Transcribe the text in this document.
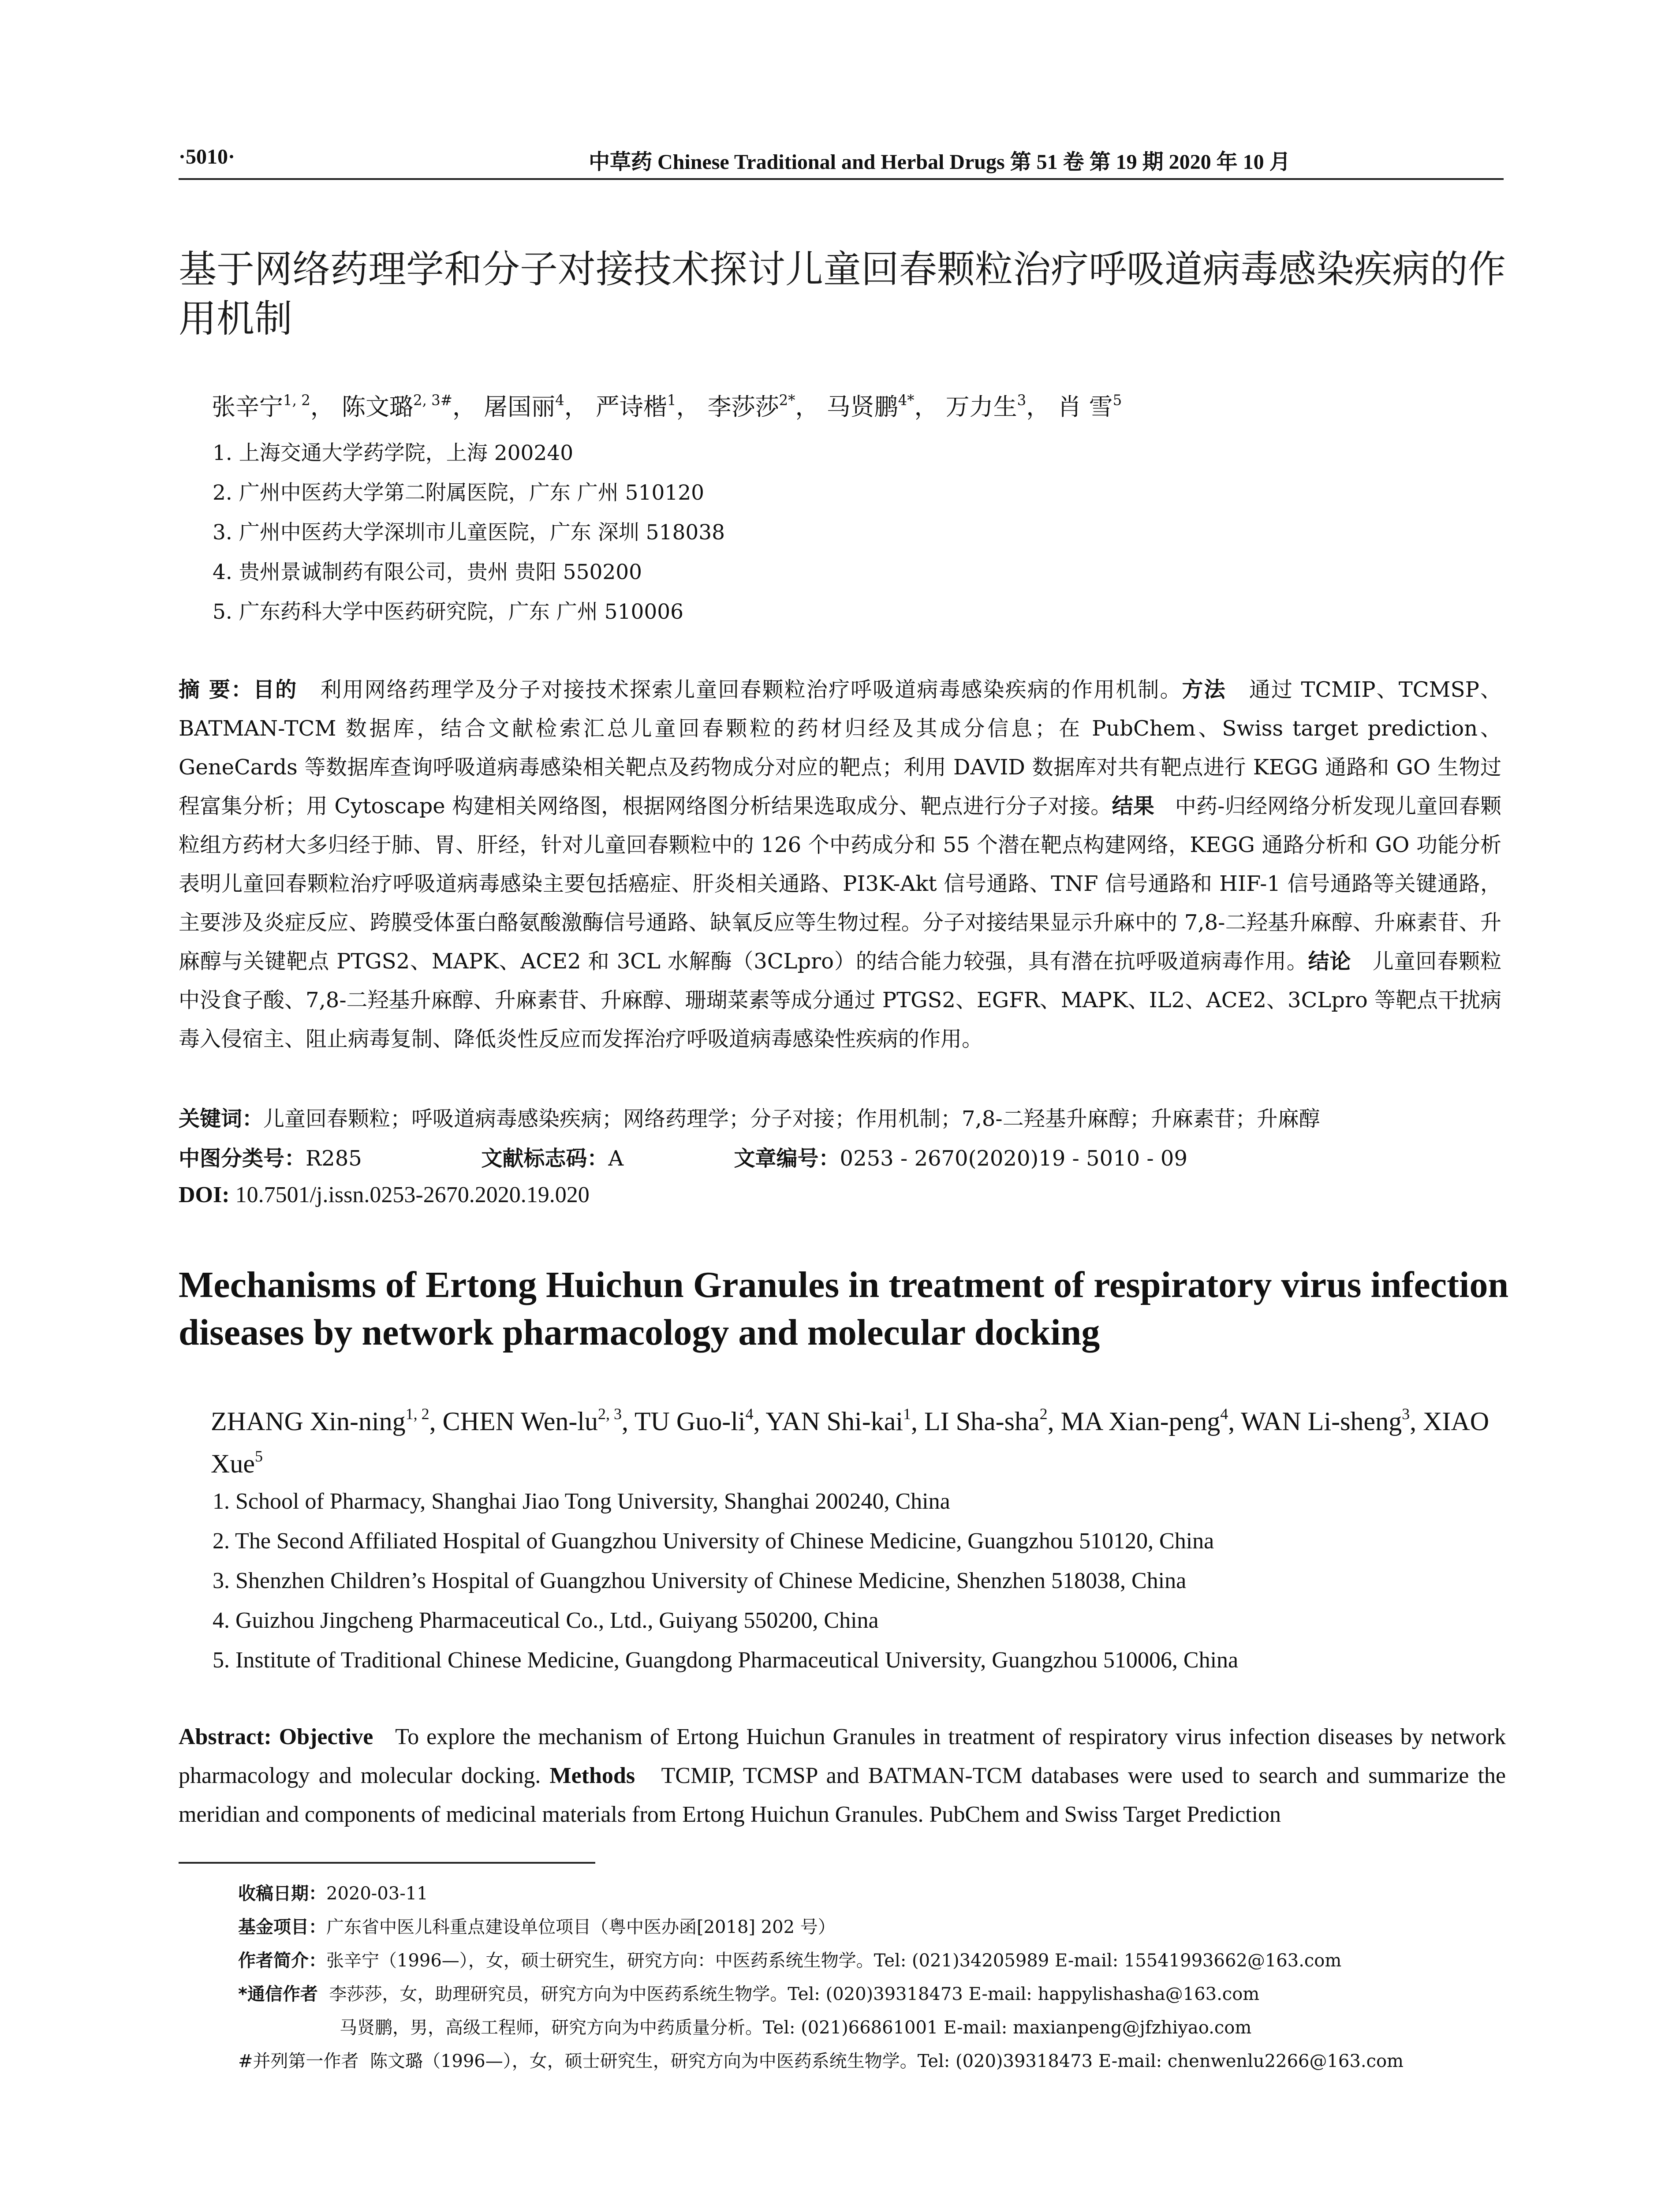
·5010·	中草药 Chinese Traditional and Herbal Drugs 第 51 卷 第 19 期 2020 年 10 月
基于网络药理学和分子对接技术探讨儿童回春颗粒治疗呼吸道病毒感染疾病的作用机制
张辛宁$^{1, 2}$， 陈文璐$^{2, 3\#}$， 屠国丽$^4$， 严诗楷$^1$， 李莎莎$^{2*}$， 马贤鹏$^{4*}$， 万力生$^3$， 肖 雪$^5$
1. 上海交通大学药学院，上海 200240
2. 广州中医药大学第二附属医院，广东 广州 510120
3. 广州中医药大学深圳市儿童医院，广东 深圳 518038
4. 贵州景诚制药有限公司，贵州 贵阳 550200
5. 广东药科大学中医药研究院，广东 广州 510006
摘 要：目的 利用网络药理学及分子对接技术探索儿童回春颗粒治疗呼吸道病毒感染疾病的作用机制。方法 通过 TCMIP、TCMSP、BATMAN-TCM 数据库，结合文献检索汇总儿童回春颗粒的药材归经及其成分信息；在 PubChem、Swiss target prediction、GeneCards 等数据库查询呼吸道病毒感染相关靶点及药物成分对应的靶点；利用 DAVID 数据库对共有靶点进行 KEGG 通路和 GO 生物过程富集分析；用 Cytoscape 构建相关网络图，根据网络图分析结果选取成分、靶点进行分子对接。结果 中药-归经网络分析发现儿童回春颗粒组方药材大多归经于肺、胃、肝经，针对儿童回春颗粒中的 126 个中药成分和 55 个潜在靶点构建网络，KEGG 通路分析和 GO 功能分析表明儿童回春颗粒治疗呼吸道病毒感染主要包括癌症、肝炎相关通路、PI3K-Akt 信号通路、TNF 信号通路和 HIF-1 信号通路等关键通路，主要涉及炎症反应、跨膜受体蛋白酪氨酸激酶信号通路、缺氧反应等生物过程。分子对接结果显示升麻中的 7,8-二羟基升麻醇、升麻素苷、升麻醇与关键靶点 PTGS2、MAPK、ACE2 和 3CL 水解酶（3CLpro）的结合能力较强，具有潜在抗呼吸道病毒作用。结论 儿童回春颗粒中没食子酸、7,8-二羟基升麻醇、升麻素苷、升麻醇、珊瑚菜素等成分通过 PTGS2、EGFR、MAPK、IL2、ACE2、3CLpro 等靶点干扰病毒入侵宿主、阻止病毒复制、降低炎性反应而发挥治疗呼吸道病毒感染性疾病的作用。
关键词：儿童回春颗粒；呼吸道病毒感染疾病；网络药理学；分子对接；作用机制；7,8-二羟基升麻醇；升麻素苷；升麻醇
中图分类号：R285	文献标志码：A	文章编号：0253 - 2670(2020)19 - 5010 - 09
DOI: 10.7501/j.issn.0253-2670.2020.19.020
Mechanisms of Ertong Huichun Granules in treatment of respiratory virus infection diseases by network pharmacology and molecular docking
ZHANG Xin-ning$^{1, 2}$, CHEN Wen-lu$^{2, 3}$, TU Guo-$li^4$, YAN Shi-kai$^1$, LI Sha-sha$^2$, MA Xian-peng$^4$, WAN Li-sheng$^3$, XIAO Xue$^5$
1. School of Pharmacy, Shanghai Jiao Tong University, Shanghai 200240, China
2. The Second Affiliated Hospital of Guangzhou University of Chinese Medicine, Guangzhou 510120, China
3. Shenzhen Children’s Hospital of Guangzhou University of Chinese Medicine, Shenzhen 518038, China
4. Guizhou Jingcheng Pharmaceutical Co., Ltd., Guiyang 550200, China
5. Institute of Traditional Chinese Medicine, Guangdong Pharmaceutical University, Guangzhou 510006, China
Abstract: Objective To explore the mechanism of Ertong Huichun Granules in treatment of respiratory virus infection diseases by network pharmacology and molecular docking. Methods TCMIP, TCMSP and BATMAN-TCM databases were used to search and summarize the meridian and components of medicinal materials from Ertong Huichun Granules. PubChem and Swiss Target Prediction
收稿日期：2020-03-11
基金项目：广东省中医儿科重点建设单位项目（粤中医办函[2018] 202 号）
作者简介：张辛宁（1996—），女，硕士研究生，研究方向：中医药系统生物学。Tel: (021)34205989 E-mail: 15541993662@163.com
*通信作者 李莎莎，女，助理研究员，研究方向为中医药系统生物学。Tel: (020)39318473 E-mail: happylishasha@163.com
马贤鹏，男，高级工程师，研究方向为中药质量分析。Tel: (021)66861001 E-mail: maxianpeng@jfzhiyao.com
#并列第一作者 陈文璐（1996—），女，硕士研究生，研究方向为中医药系统生物学。Tel: (020)39318473 E-mail: chenwenlu2266@163.com
